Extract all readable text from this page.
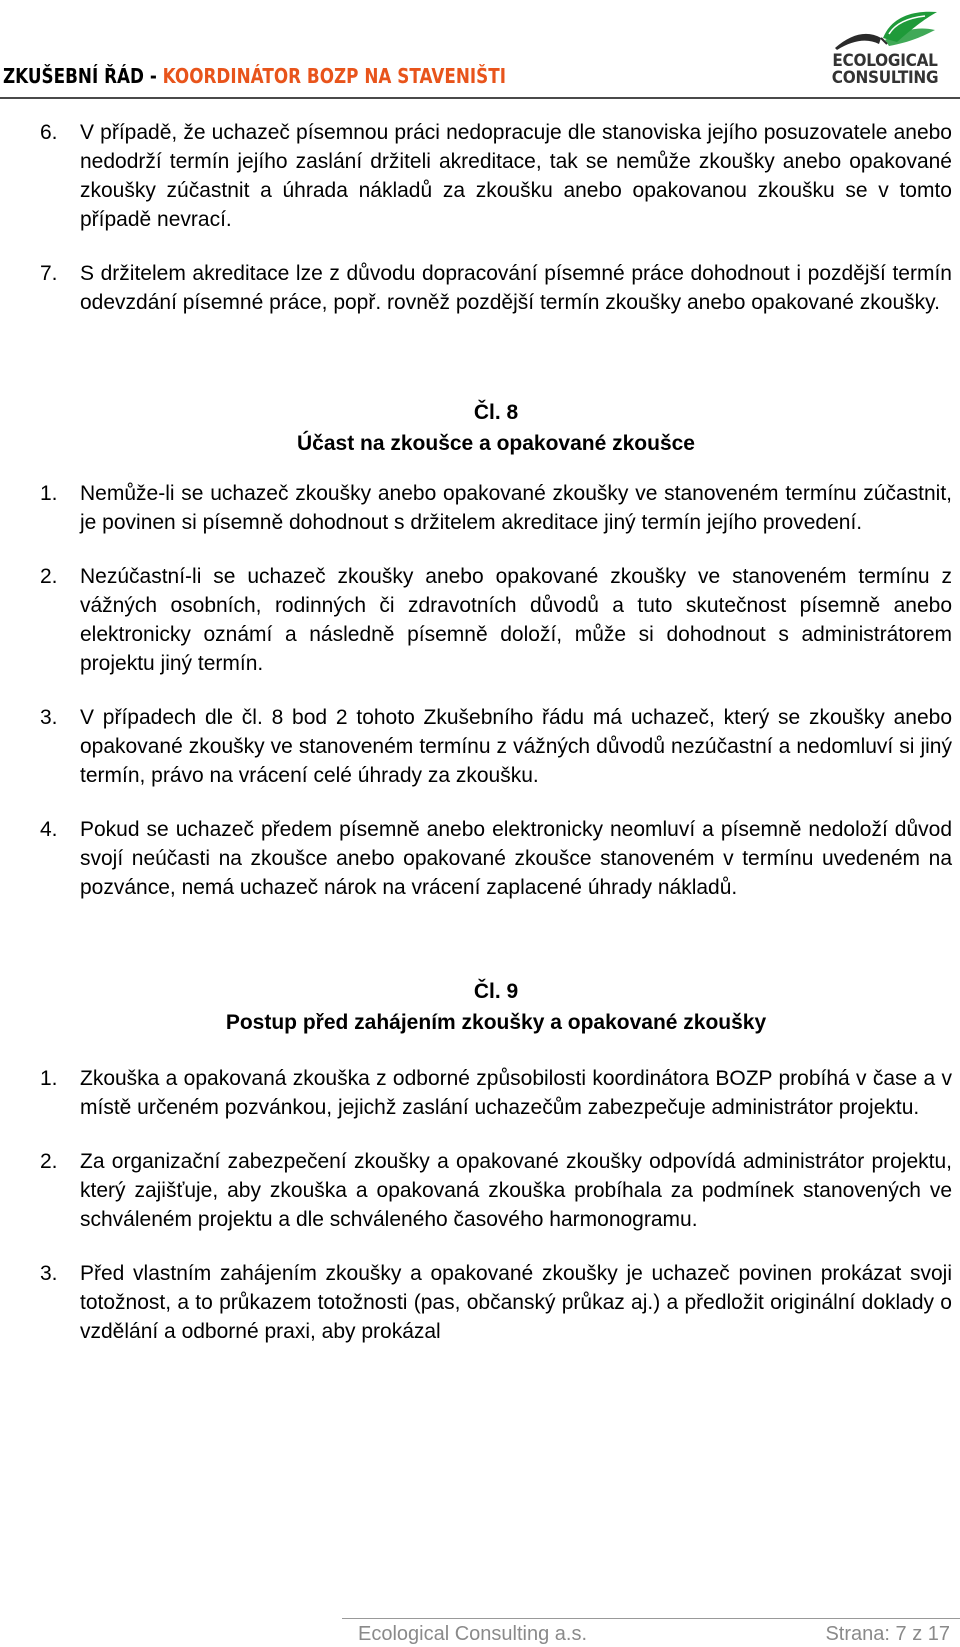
ZKUŠEBNÍ ŘÁD - KOORDINÁTOR BOZP NA STAVENIŠTI
ECOLOGICAL
CONSULTING

6. V případě, že uchazeč písemnou práci nedopracuje dle stanoviska jejího posuzovatele anebo nedodrží termín jejího zaslání držiteli akreditace, tak se nemůže zkoušky anebo opakované zkoušky zúčastnit a úhrada nákladů za zkoušku anebo opakovanou zkoušku se v tomto případě nevrací.

7. S držitelem akreditace lze z důvodu dopracování písemné práce dohodnout i pozdější termín odevzdání písemné práce, popř. rovněž pozdější termín zkoušky anebo opakované zkoušky.

Čl. 8
Účast na zkoušce a opakované zkoušce

1. Nemůže-li se uchazeč zkoušky anebo opakované zkoušky ve stanoveném termínu zúčastnit, je povinen si písemně dohodnout s držitelem akreditace jiný termín jejího provedení.

2. Nezúčastní-li se uchazeč zkoušky anebo opakované zkoušky ve stanoveném termínu z vážných osobních, rodinných či zdravotních důvodů a tuto skutečnost písemně anebo elektronicky oznámí a následně písemně doloží, může si dohodnout s administrátorem projektu jiný termín.

3. V případech dle čl. 8 bod 2 tohoto Zkušebního řádu má uchazeč, který se zkoušky anebo opakované zkoušky ve stanoveném termínu z vážných důvodů nezúčastní a nedomluví si jiný termín, právo na vrácení celé úhrady za zkoušku.

4. Pokud se uchazeč předem písemně anebo elektronicky neomluví a písemně nedoloží důvod svojí neúčasti na zkoušce anebo opakované zkoušce stanoveném v termínu uvedeném na pozvánce, nemá uchazeč nárok na vrácení zaplacené úhrady nákladů.

Čl. 9
Postup před zahájením zkoušky a opakované zkoušky

1. Zkouška a opakovaná zkouška z odborné způsobilosti koordinátora BOZP probíhá v čase a v místě určeném pozvánkou, jejichž zaslání uchazečům zabezpečuje administrátor projektu.

2. Za organizační zabezpečení zkoušky a opakované zkoušky odpovídá administrátor projektu, který zajišťuje, aby zkouška a opakovaná zkouška probíhala za podmínek stanovených ve schváleném projektu a dle schváleného časového harmonogramu.

3. Před vlastním zahájením zkoušky a opakované zkoušky je uchazeč povinen prokázat svoji totožnost, a to průkazem totožnosti (pas, občanský průkaz aj.) a předložit originální doklady o vzdělání a odborné praxi, aby prokázal

Ecological Consulting a.s.	Strana: 7 z 17
